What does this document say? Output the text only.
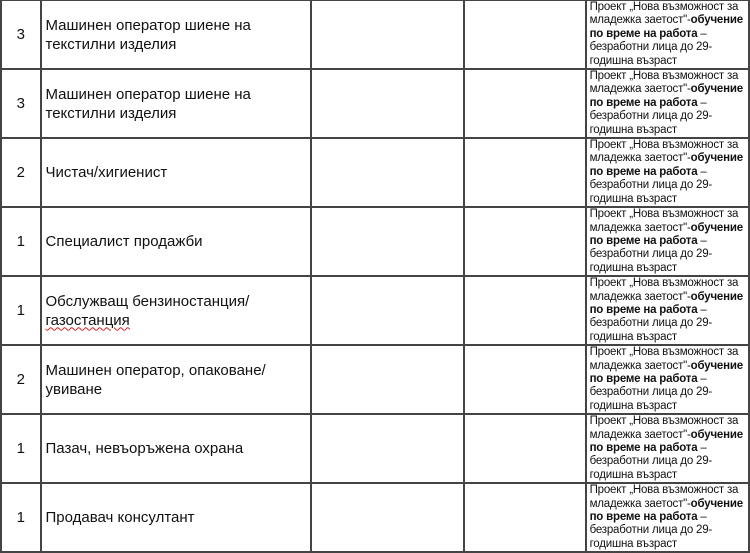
3	Машинен оператор шиене на текстилни изделия			Проект „Нова възможност за младежка заетост"-обучение по време на работа – безработни лица до 29-годишна възраст
3	Машинен оператор шиене на текстилни изделия			Проект „Нова възможност за младежка заетост"-обучение по време на работа – безработни лица до 29-годишна възраст
2	Чистач/хигиенист			Проект „Нова възможност за младежка заетост"-обучение по време на работа – безработни лица до 29-годишна възраст
1	Специалист продажби			Проект „Нова възможност за младежка заетост"-обучение по време на работа – безработни лица до 29-годишна възраст
1	Обслужващ бензиностанция/газостанция			Проект „Нова възможност за младежка заетост"-обучение по време на работа – безработни лица до 29-годишна възраст
2	Машинен оператор, опаковане/увиване			Проект „Нова възможност за младежка заетост"-обучение по време на работа – безработни лица до 29-годишна възраст
1	Пазач, невъоръжена охрана			Проект „Нова възможност за младежка заетост"-обучение по време на работа – безработни лица до 29-годишна възраст
1	Продавач консултант			Проект „Нова възможност за младежка заетост"-обучение по време на работа – безработни лица до 29-годишна възраст
